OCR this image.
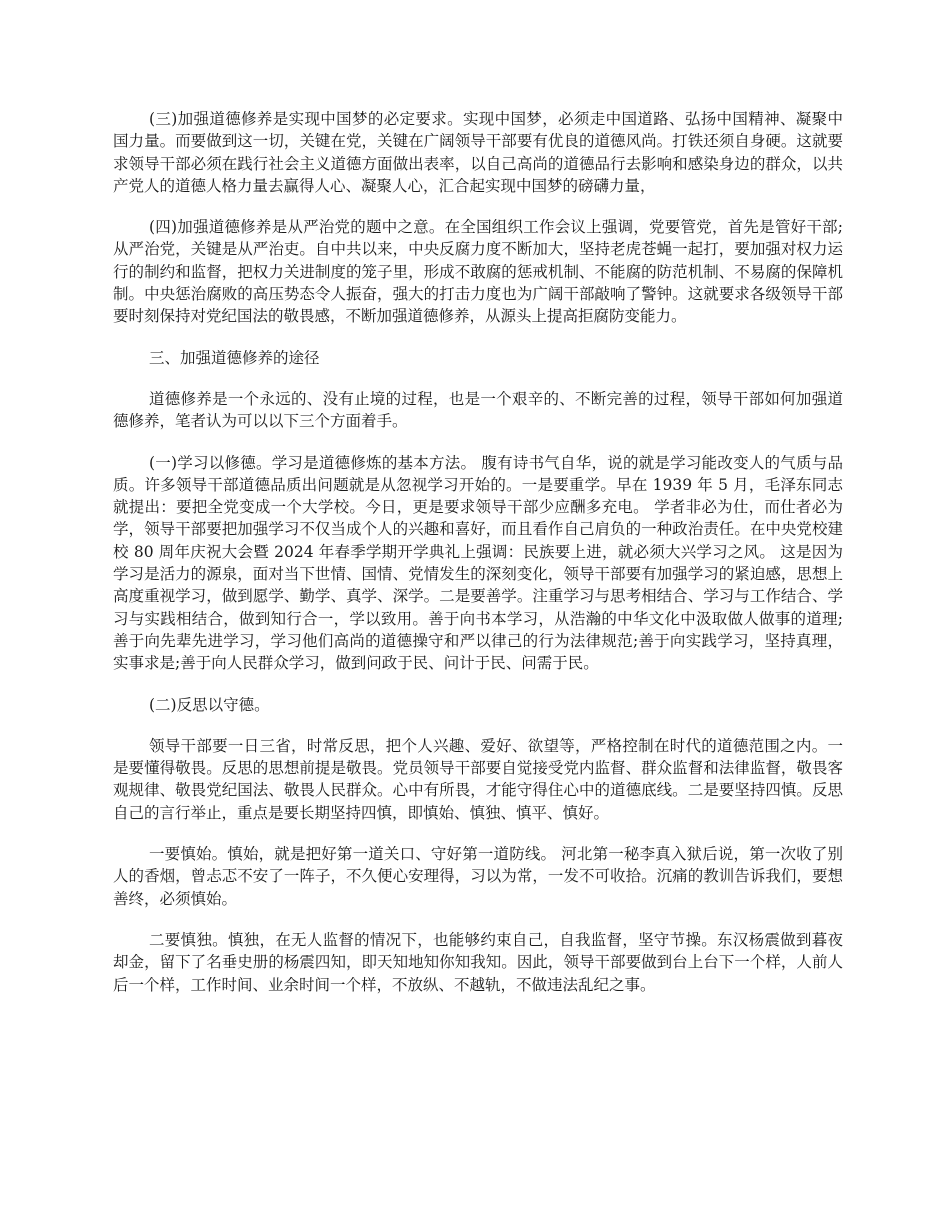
(三)加强道德修养是实现中国梦的必定要求。实现中国梦，必须走中国道路、弘扬中国精神、凝聚中国力量。而要做到这一切，关键在党，关键在广阔领导干部要有优良的道德风尚。打铁还须自身硬。这就要求领导干部必须在践行社会主义道德方面做出表率，以自己高尚的道德品行去影响和感染身边的群众，以共产党人的道德人格力量去赢得人心、凝聚人心，汇合起实现中国梦的磅礴力量，

(四)加强道德修养是从严治党的题中之意。在全国组织工作会议上强调，党要管党，首先是管好干部;从严治党，关键是从严治吏。自中共以来，中央反腐力度不断加大，坚持老虎苍蝇一起打，要加强对权力运行的制约和监督，把权力关进制度的笼子里，形成不敢腐的惩戒机制、不能腐的防范机制、不易腐的保障机制。中央惩治腐败的高压势态令人振奋，强大的打击力度也为广阔干部敲响了警钟。这就要求各级领导干部要时刻保持对党纪国法的敬畏感，不断加强道德修养，从源头上提高拒腐防变能力。

三、加强道德修养的途径

道德修养是一个永远的、没有止境的过程，也是一个艰辛的、不断完善的过程，领导干部如何加强道德修养，笔者认为可以以下三个方面着手。

(一)学习以修德。学习是道德修炼的基本方法。 腹有诗书气自华，说的就是学习能改变人的气质与品质。许多领导干部道德品质出问题就是从忽视学习开始的。一是要重学。早在 1939 年 5 月，毛泽东同志就提出：要把全党变成一个大学校。今日，更是要求领导干部少应酬多充电。 学者非必为仕，而仕者必为学，领导干部要把加强学习不仅当成个人的兴趣和喜好，而且看作自己肩负的一种政治责任。在中央党校建校 80 周年庆祝大会暨 2024 年春季学期开学典礼上强调：民族要上进，就必须大兴学习之风。 这是因为学习是活力的源泉，面对当下世情、国情、党情发生的深刻变化，领导干部要有加强学习的紧迫感，思想上高度重视学习，做到愿学、勤学、真学、深学。二是要善学。注重学习与思考相结合、学习与工作结合、学习与实践相结合，做到知行合一，学以致用。善于向书本学习，从浩瀚的中华文化中汲取做人做事的道理;善于向先辈先进学习，学习他们高尚的道德操守和严以律己的行为法律规范;善于向实践学习，坚持真理，实事求是;善于向人民群众学习，做到问政于民、问计于民、问需于民。

(二)反思以守德。

领导干部要一日三省，时常反思，把个人兴趣、爱好、欲望等，严格控制在时代的道德范围之内。一是要懂得敬畏。反思的思想前提是敬畏。党员领导干部要自觉接受党内监督、群众监督和法律监督，敬畏客观规律、敬畏党纪国法、敬畏人民群众。心中有所畏，才能守得住心中的道德底线。二是要坚持四慎。反思自己的言行举止，重点是要长期坚持四慎，即慎始、慎独、慎平、慎好。

一要慎始。慎始，就是把好第一道关口、守好第一道防线。 河北第一秘李真入狱后说，第一次收了别人的香烟，曾忐忑不安了一阵子，不久便心安理得，习以为常，一发不可收拾。沉痛的教训告诉我们，要想善终，必须慎始。

二要慎独。慎独，在无人监督的情况下，也能够约束自己，自我监督，坚守节操。东汉杨震做到暮夜却金，留下了名垂史册的杨震四知，即天知地知你知我知。因此，领导干部要做到台上台下一个样，人前人后一个样，工作时间、业余时间一个样，不放纵、不越轨，不做违法乱纪之事。
